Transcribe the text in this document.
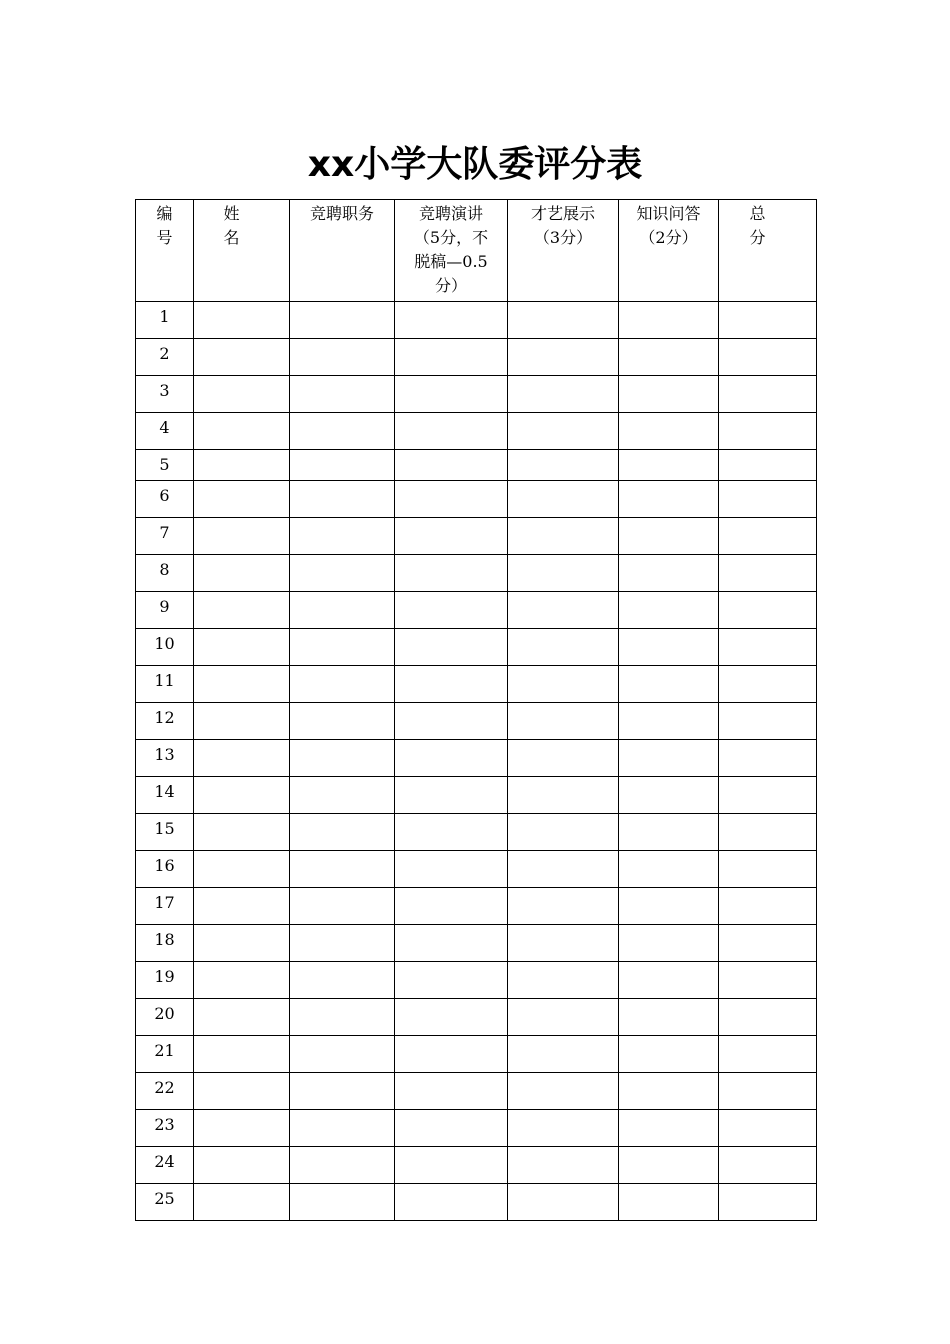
xx小学大队委评分表
编号	姓 名	竞聘职务	竞聘演讲（5分，不脱稿—0.5分）	才艺展示（3分）	知识问答（2分）	总 分
1						
2						
3						
4						
5						
6						
7						
8						
9						
10						
11						
12						
13						
14						
15						
16						
17						
18						
19						
20						
21						
22						
23						
24						
25						
